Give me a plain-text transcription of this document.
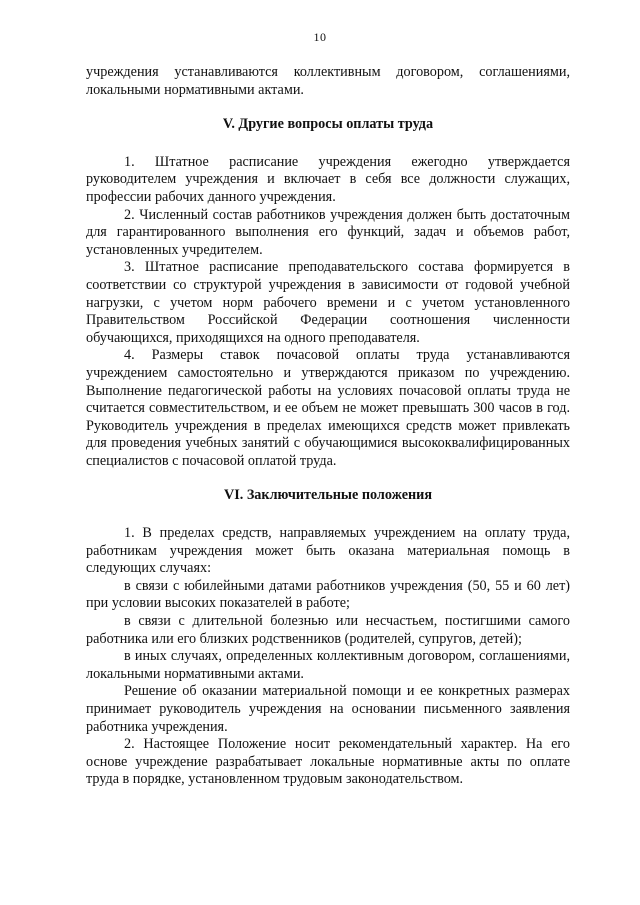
10

учреждения устанавливаются коллективным договором, соглашениями, локальными нормативными актами.

V. Другие вопросы оплаты труда

1. Штатное расписание учреждения ежегодно утверждается руководителем учреждения и включает в себя все должности служащих, профессии рабочих данного учреждения.

2. Численный состав работников учреждения должен быть достаточным для гарантированного выполнения его функций, задач и объемов работ, установленных учредителем.

3. Штатное расписание преподавательского состава формируется в соответствии со структурой учреждения в зависимости от годовой учебной нагрузки, с учетом норм рабочего времени и с учетом установленного Правительством Российской Федерации соотношения численности обучающихся, приходящихся на одного преподавателя.

4. Размеры ставок почасовой оплаты труда устанавливаются учреждением самостоятельно и утверждаются приказом по учреждению. Выполнение педагогической работы на условиях почасовой оплаты труда не считается совместительством, и ее объем не может превышать 300 часов в год. Руководитель учреждения в пределах имеющихся средств может привлекать для проведения учебных занятий с обучающимися высококвалифицированных специалистов с почасовой оплатой труда.

VI. Заключительные положения

1. В пределах средств, направляемых учреждением на оплату труда, работникам учреждения может быть оказана материальная помощь в следующих случаях:

в связи с юбилейными датами работников учреждения (50, 55 и 60 лет) при условии высоких показателей в работе;

в связи с длительной болезнью или несчастьем, постигшими самого работника или его близких родственников (родителей, супругов, детей);

в иных случаях, определенных коллективным договором, соглашениями, локальными нормативными актами.

Решение об оказании материальной помощи и ее конкретных размерах принимает руководитель учреждения на основании письменного заявления работника учреждения.

2. Настоящее Положение носит рекомендательный характер. На его основе учреждение разрабатывает локальные нормативные акты по оплате труда в порядке, установленном трудовым законодательством.
